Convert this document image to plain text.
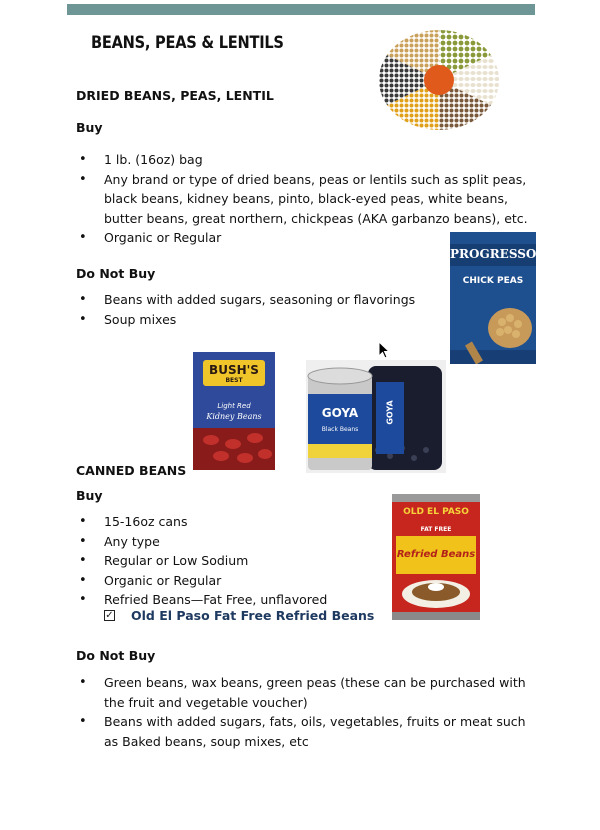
BEANS, PEAS & LENTILS
DRIED BEANS, PEAS, LENTIL
Buy
• 1 lb. (16oz) bag
• Any brand or type of dried beans, peas or lentils such as split peas, black beans, kidney beans, pinto, black-eyed peas, white beans, butter beans, great northern, chickpeas (AKA garbanzo beans), etc.
• Organic or Regular
Do Not Buy
• Beans with added sugars, seasoning or flavorings
• Soup mixes
PROGRESSO
CHICK PEAS
BUSH'S
BEST
Light Red
Kidney Beans	GOYA
Black Beans
GOYA
CANNED BEANS
Buy
• 15-16oz cans
• Any type
• Regular or Low Sodium
• Organic or Regular
• Refried Beans—Fat Free, unflavored
✓ Old El Paso Fat Free Refried Beans
OLD EL PASO
FAT FREE
Refried Beans
Do Not Buy
• Green beans, wax beans, green peas (these can be purchased with the fruit and vegetable voucher)
• Beans with added sugars, fats, oils, vegetables, fruits or meat such as Baked beans, soup mixes, etc
